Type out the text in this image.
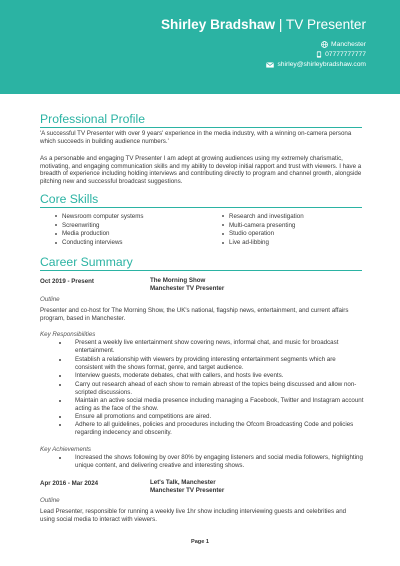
Shirley Bradshaw | TV Presenter
Manchester
07777777777
shirley@shirleybradshaw.com
Professional Profile
'A successful TV Presenter with over 9 years' experience in the media industry, with a winning on-camera persona which succeeds in building audience numbers.'
As a personable and engaging TV Presenter I am adept at growing audiences using my extremely charismatic, motivating, and engaging communication skills and my ability to develop initial rapport and trust with viewers. I have a breadth of experience including holding interviews and contributing directly to program and channel growth, alongside pitching new and successful broadcast suggestions.
Core Skills
Newsroom computer systems
Screenwriting
Media production
Conducting interviews
Research and investigation
Multi-camera presenting
Studio operation
Live ad-libbing
Career Summary
Oct 2019 - Present	The Morning Show
Manchester TV Presenter
Outline
Presenter and co-host for The Morning Show, the UK's national, flagship news, entertainment, and current affairs program, based in Manchester.
Key Responsibilities
Present a weekly live entertainment show covering news, informal chat, and music for broadcast entertainment.
Establish a relationship with viewers by providing interesting entertainment segments which are consistent with the shows format, genre, and target audience.
Interview guests, moderate debates, chat with callers, and hosts live events.
Carry out research ahead of each show to remain abreast of the topics being discussed and allow non-scripted discussions.
Maintain an active social media presence including managing a Facebook, Twitter and Instagram account acting as the face of the show.
Ensure all promotions and competitions are aired.
Adhere to all guidelines, policies and procedures including the Ofcom Broadcasting Code and policies regarding indecency and obscenity.
Key Achievements
Increased the shows following by over 80% by engaging listeners and social media followers, highlighting unique content, and delivering creative and interesting shows.
Apr 2016 - Mar 2024	Let's Talk, Manchester
Manchester TV Presenter
Outline
Lead Presenter, responsible for running a weekly live 1hr show including interviewing guests and celebrities and using social media to interact with viewers.
Page 1
